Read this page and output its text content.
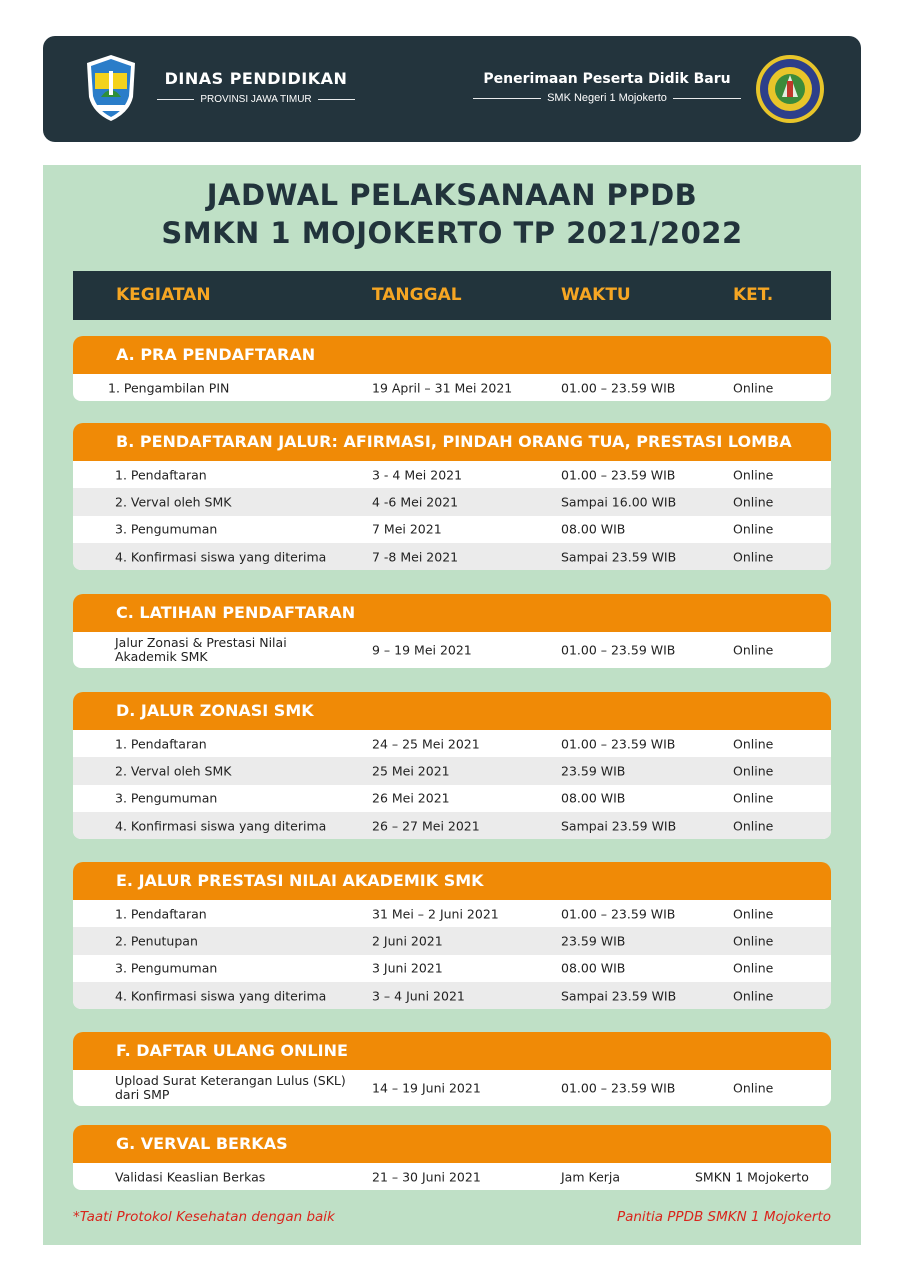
DINAS PENDIDIKAN
PROVINSI JAWA TIMUR
Penerimaan Peserta Didik Baru
SMK Negeri 1 Mojokerto
JADWAL PELAKSANAAN PPDB
SMKN 1 MOJOKERTO TP 2021/2022
KEGIATAN	TANGGAL	WAKTU	KET.
A. PRA PENDAFTARAN
1. Pengambilan PIN	19 April – 31 Mei 2021	01.00 – 23.59 WIB	Online
B. PENDAFTARAN JALUR: AFIRMASI, PINDAH ORANG TUA, PRESTASI LOMBA
1. Pendaftaran	3 - 4 Mei 2021	01.00 – 23.59 WIB	Online
2. Verval oleh SMK	4 -6 Mei 2021	Sampai 16.00 WIB	Online
3. Pengumuman	7 Mei 2021	08.00 WIB	Online
4. Konfirmasi siswa yang diterima	7 -8 Mei 2021	Sampai 23.59 WIB	Online
C. LATIHAN PENDAFTARAN
Jalur Zonasi & Prestasi Nilai Akademik SMK	9 – 19 Mei 2021	01.00 – 23.59 WIB	Online
D. JALUR ZONASI SMK
1. Pendaftaran	24 – 25 Mei 2021	01.00 – 23.59 WIB	Online
2. Verval oleh SMK	25 Mei 2021	23.59 WIB	Online
3. Pengumuman	26 Mei 2021	08.00 WIB	Online
4. Konfirmasi siswa yang diterima	26 – 27 Mei 2021	Sampai 23.59 WIB	Online
E. JALUR PRESTASI NILAI AKADEMIK SMK
1. Pendaftaran	31 Mei – 2 Juni 2021	01.00 – 23.59 WIB	Online
2. Penutupan	2 Juni 2021	23.59 WIB	Online
3. Pengumuman	3 Juni 2021	08.00 WIB	Online
4. Konfirmasi siswa yang diterima	3 – 4 Juni 2021	Sampai 23.59 WIB	Online
F. DAFTAR ULANG ONLINE
Upload Surat Keterangan Lulus (SKL) dari SMP	14 – 19 Juni 2021	01.00 – 23.59 WIB	Online
G. VERVAL BERKAS
Validasi Keaslian Berkas	21 – 30 Juni 2021	Jam Kerja	SMKN 1 Mojokerto
*Taati Protokol Kesehatan dengan baik	Panitia PPDB SMKN 1 Mojokerto
